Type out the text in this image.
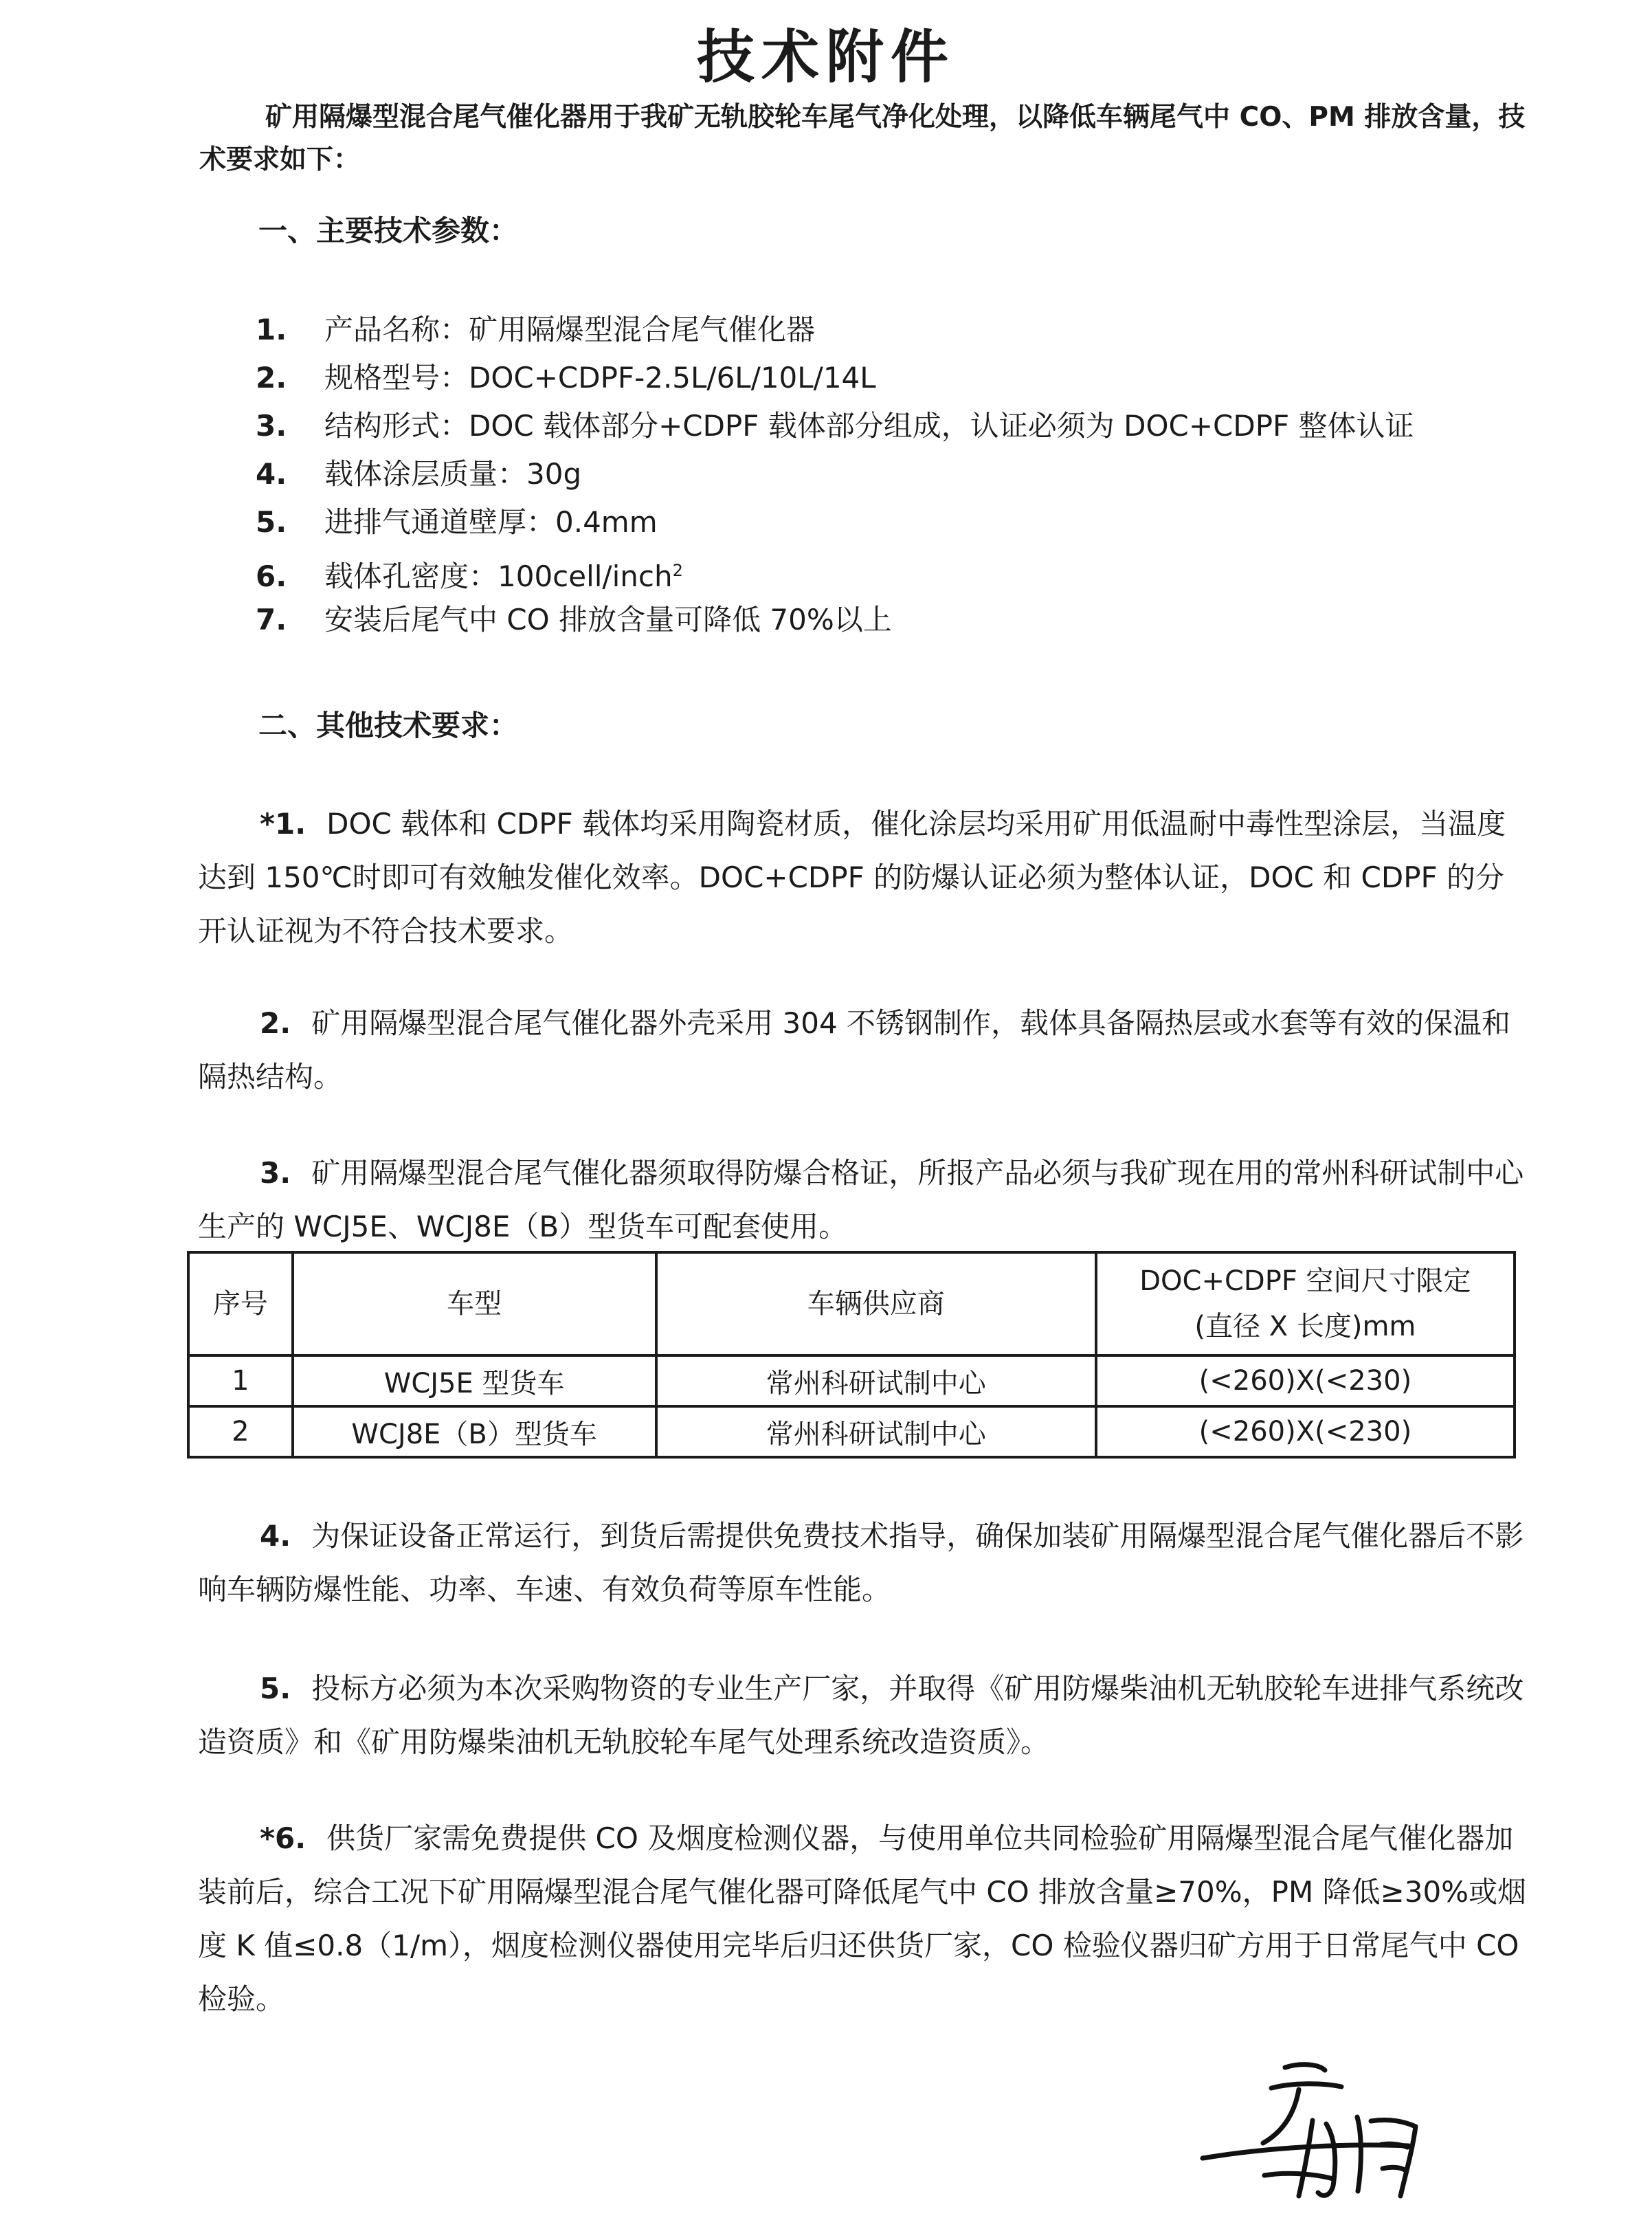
技术附件
矿用隔爆型混合尾气催化器用于我矿无轨胶轮车尾气净化处理，以降低车辆尾气中 CO、PM 排放含量，技术要求如下：
一、主要技术参数：
1. 产品名称：矿用隔爆型混合尾气催化器
2. 规格型号：DOC+CDPF-2.5L/6L/10L/14L
3. 结构形式：DOC 载体部分+CDPF 载体部分组成，认证必须为 DOC+CDPF 整体认证
4. 载体涂层质量：30g
5. 进排气通道壁厚：0.4mm
6. 载体孔密度：100cell/inch$^2$
7. 安装后尾气中 CO 排放含量可降低 70%以上
二、其他技术要求：
*1. DOC 载体和 CDPF 载体均采用陶瓷材质，催化涂层均采用矿用低温耐中毒性型涂层，当温度达到 150℃时即可有效触发催化效率。DOC+CDPF 的防爆认证必须为整体认证，DOC 和 CDPF 的分开认证视为不符合技术要求。
2. 矿用隔爆型混合尾气催化器外壳采用 304 不锈钢制作，载体具备隔热层或水套等有效的保温和隔热结构。
3. 矿用隔爆型混合尾气催化器须取得防爆合格证，所报产品必须与我矿现在用的常州科研试制中心生产的 WCJ5E、WCJ8E（B）型货车可配套使用。
序号	车型	车辆供应商	DOC+CDPF 空间尺寸限定
(直径 X 长度)mm

1	WCJ5E 型货车	常州科研试制中心	(<260)X(<230)
2	WCJ8E（B）型货车	常州科研试制中心	(<260)X(<230)
4. 为保证设备正常运行，到货后需提供免费技术指导，确保加装矿用隔爆型混合尾气催化器后不影响车辆防爆性能、功率、车速、有效负荷等原车性能。
5. 投标方必须为本次采购物资的专业生产厂家，并取得《矿用防爆柴油机无轨胶轮车进排气系统改造资质》和《矿用防爆柴油机无轨胶轮车尾气处理系统改造资质》。
*6. 供货厂家需免费提供 CO 及烟度检测仪器，与使用单位共同检验矿用隔爆型混合尾气催化器加装前后，综合工况下矿用隔爆型混合尾气催化器可降低尾气中 CO 排放含量≥70%，PM 降低≥30%或烟度 K 值≤0.8（1/m），烟度检测仪器使用完毕后归还供货厂家，CO 检验仪器归矿方用于日常尾气中 CO 检验。
